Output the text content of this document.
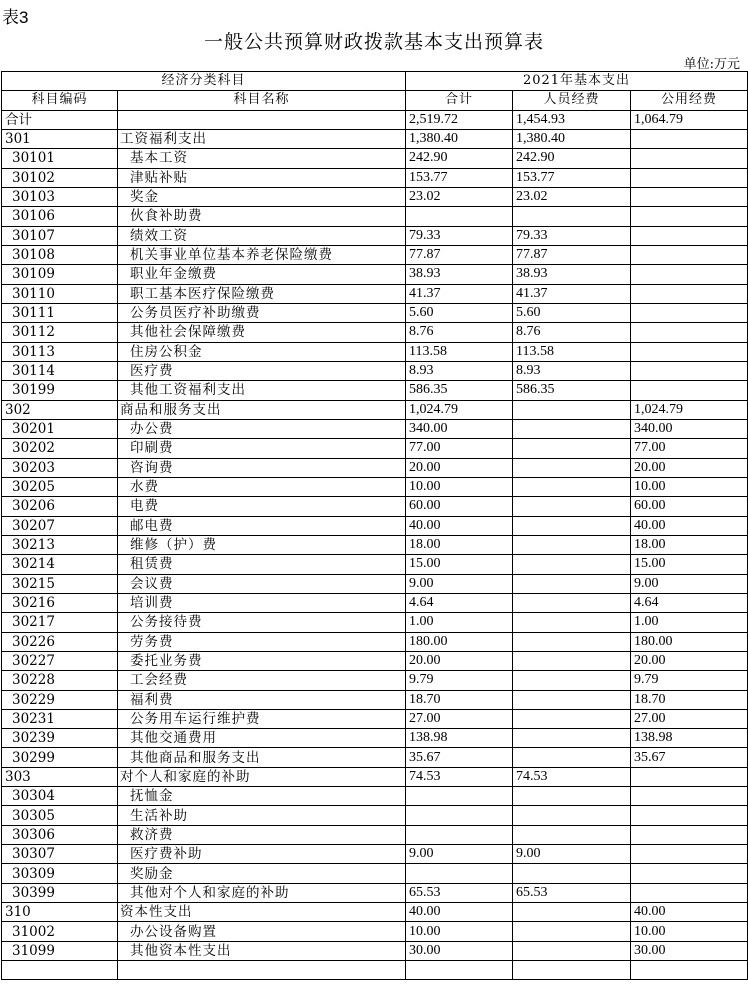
表3
一般公共预算财政拨款基本支出预算表
单位:万元
经济分类科目		2021年基本支出		
科目编码	科目名称	合计	人员经费	公用经费
合计		2,519.72	1,454.93	1,064.79
301	工资福利支出	1,380.40	1,380.40	
30101	基本工资	242.90	242.90	
30102	津贴补贴	153.77	153.77	
30103	奖金	23.02	23.02	
30106	伙食补助费			
30107	绩效工资	79.33	79.33	
30108	机关事业单位基本养老保险缴费	77.87	77.87	
30109	职业年金缴费	38.93	38.93	
30110	职工基本医疗保险缴费	41.37	41.37	
30111	公务员医疗补助缴费	5.60	5.60	
30112	其他社会保障缴费	8.76	8.76	
30113	住房公积金	113.58	113.58	
30114	医疗费	8.93	8.93	
30199	其他工资福利支出	586.35	586.35	
302	商品和服务支出	1,024.79		1,024.79
30201	办公费	340.00		340.00
30202	印刷费	77.00		77.00
30203	咨询费	20.00		20.00
30205	水费	10.00		10.00
30206	电费	60.00		60.00
30207	邮电费	40.00		40.00
30213	维修（护）费	18.00		18.00
30214	租赁费	15.00		15.00
30215	会议费	9.00		9.00
30216	培训费	4.64		4.64
30217	公务接待费	1.00		1.00
30226	劳务费	180.00		180.00
30227	委托业务费	20.00		20.00
30228	工会经费	9.79		9.79
30229	福利费	18.70		18.70
30231	公务用车运行维护费	27.00		27.00
30239	其他交通费用	138.98		138.98
30299	其他商品和服务支出	35.67		35.67
303	对个人和家庭的补助	74.53	74.53	
30304	抚恤金			
30305	生活补助			
30306	救济费			
30307	医疗费补助	9.00	9.00	
30309	奖励金			
30399	其他对个人和家庭的补助	65.53	65.53	
310	资本性支出	40.00		40.00
31002	办公设备购置	10.00		10.00
31099	其他资本性支出	30.00		30.00
